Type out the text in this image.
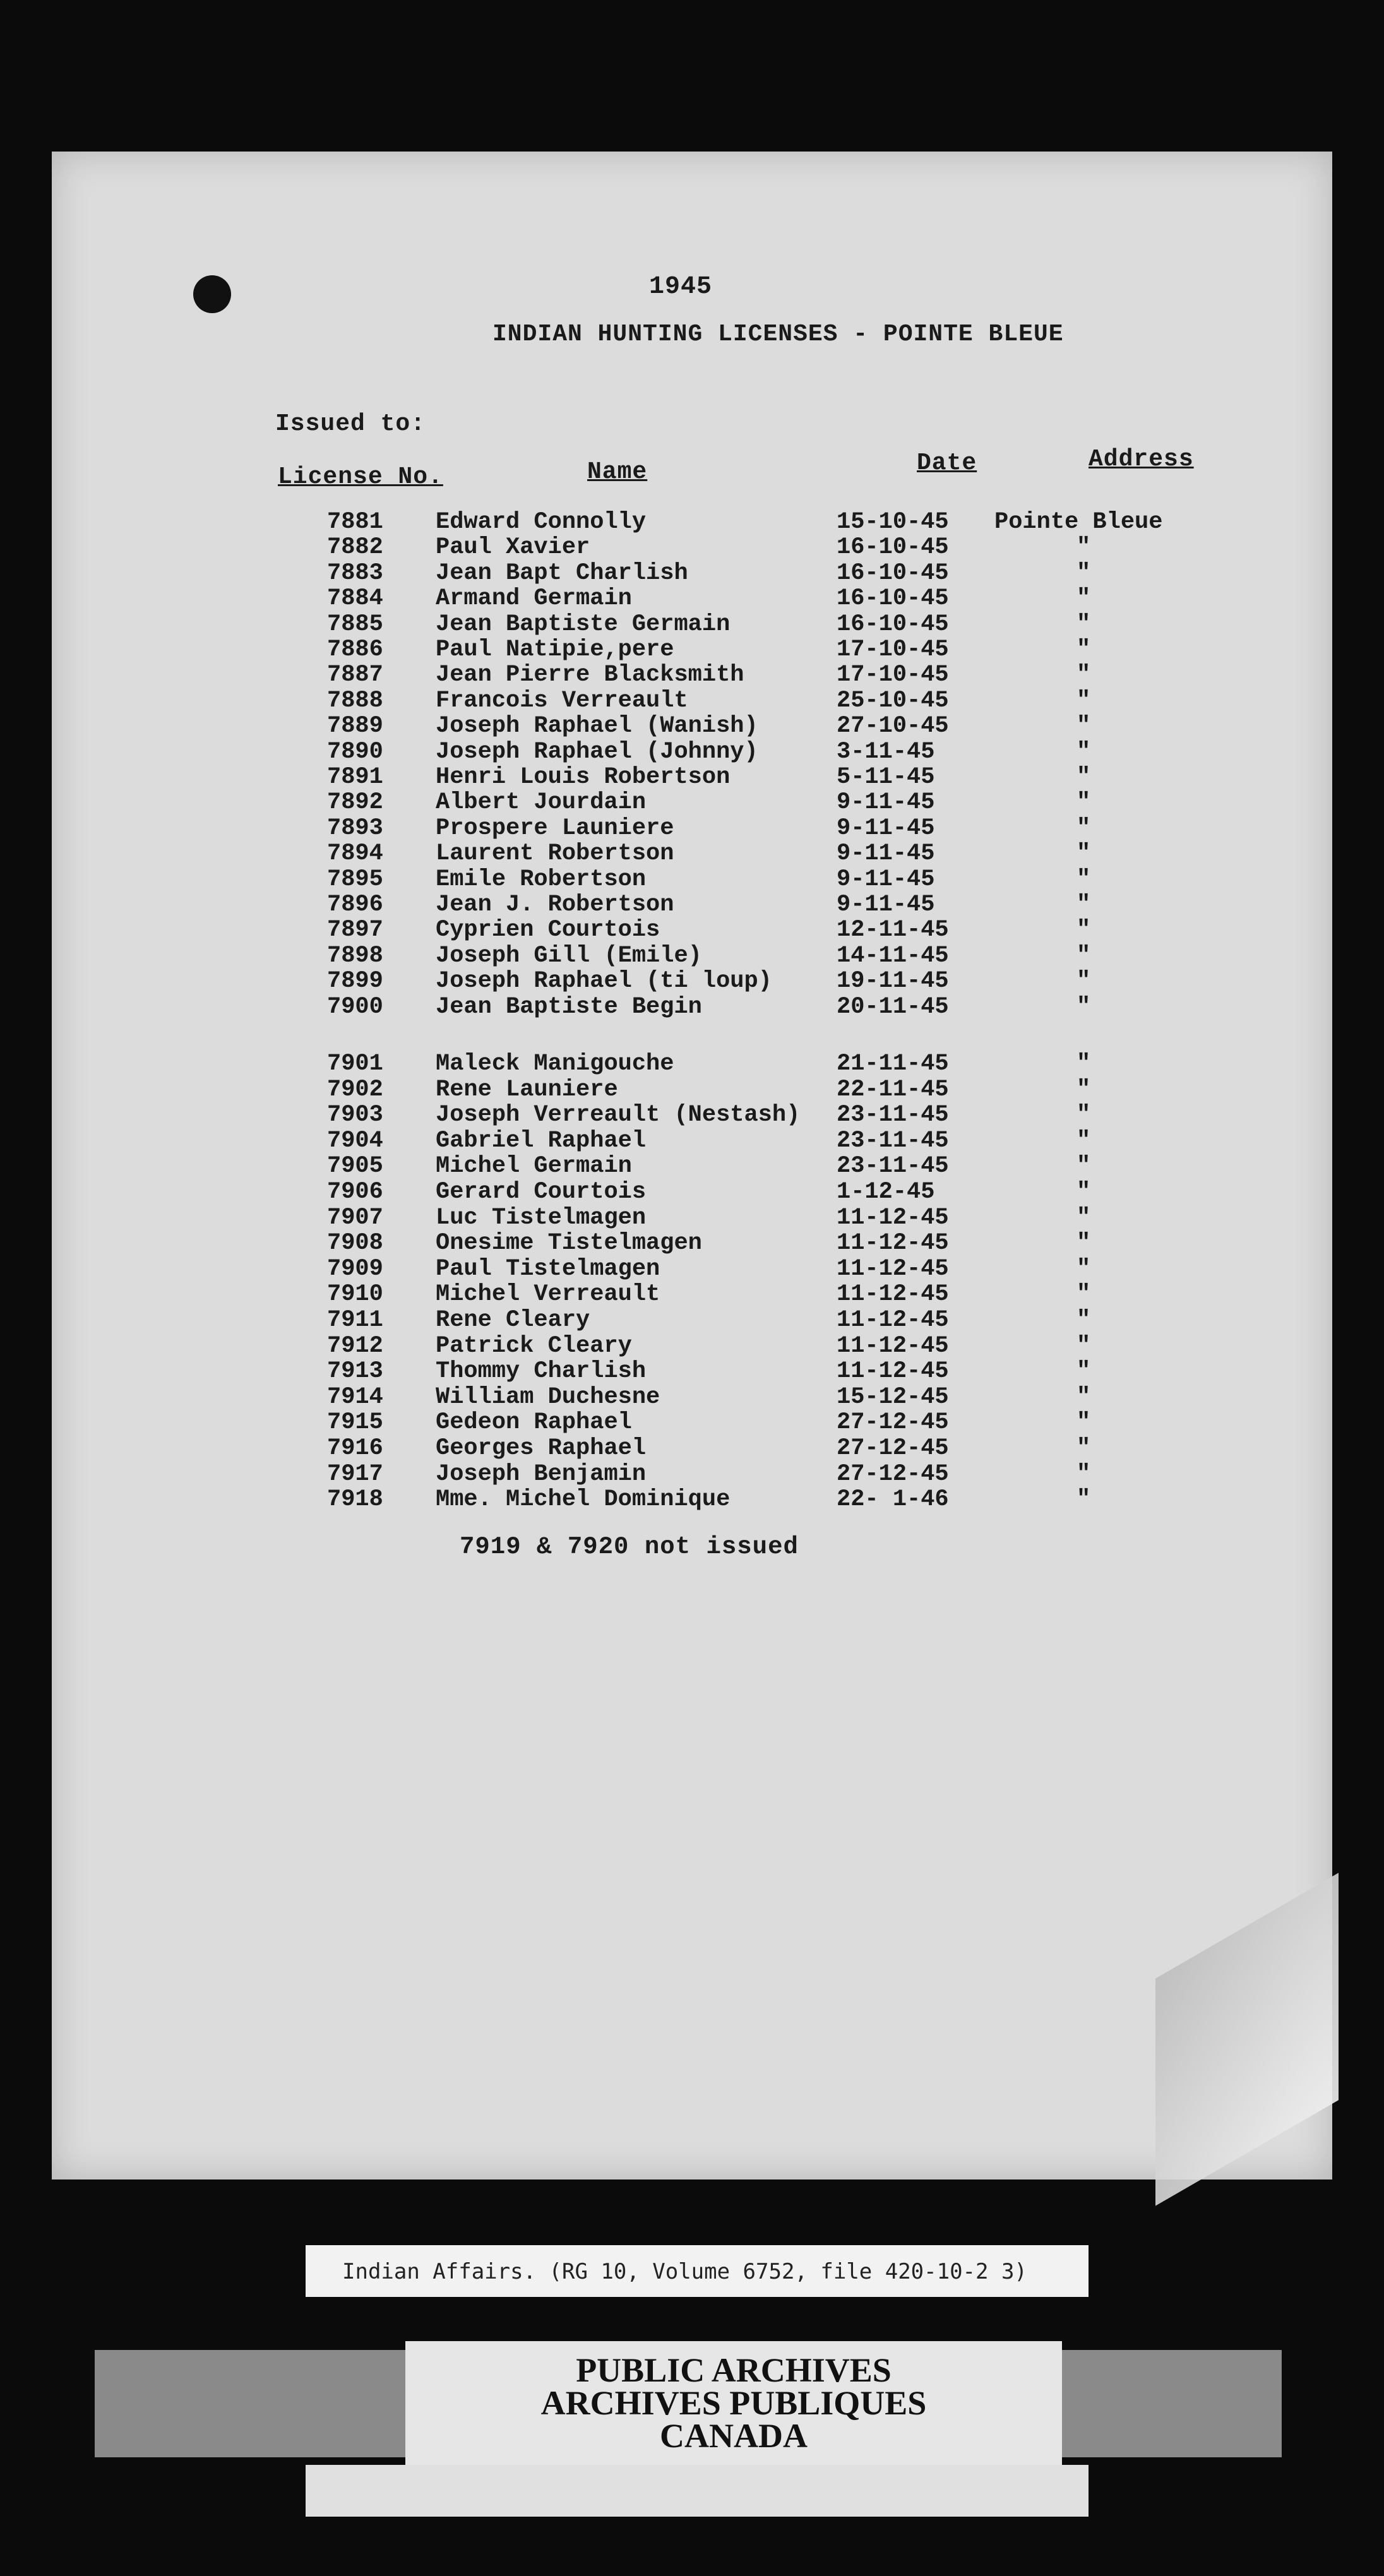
1945
INDIAN HUNTING LICENSES - POINTE BLEUE
Issued to:
License No.	Name	Date	Address
7881 Edward Connolly	15-10-45 Pointe Bleue
7882 Paul Xavier	16-10-45	"
7883 Jean Bapt Charlish	16-10-45	"
7884 Armand Germain	16-10-45	"
7885 Jean Baptiste Germain	16-10-45	"
7886 Paul Natipie,pere	17-10-45	"
7887 Jean Pierre Blacksmith	17-10-45	"
7888 Francois Verreault	25-10-45	"
7889 Joseph Raphael (Wanish)	27-10-45	"
7890 Joseph Raphael (Johnny)	3-11-45	"
7891 Henri Louis Robertson	5-11-45	"
7892 Albert Jourdain	9-11-45	"
7893 Prospere Launiere	9-11-45	"
7894 Laurent Robertson	9-11-45	"
7895 Emile Robertson	9-11-45	"
7896 Jean J. Robertson	9-11-45	"
7897 Cyprien Courtois	12-11-45	"
7898 Joseph Gill (Emile)	14-11-45	"
7899 Joseph Raphael (ti loup)	19-11-45	"
7900 Jean Baptiste Begin	20-11-45	"
7901 Maleck Manigouche	21-11-45	"
7902 Rene Launiere	22-11-45	"
7903 Joseph Verreault (Nestash) 23-11-45	"
7904 Gabriel Raphael	23-11-45	"
7905 Michel Germain	23-11-45	"
7906 Gerard Courtois	1-12-45	"
7907 Luc Tistelmagen	11-12-45	"
7908 Onesime Tistelmagen	11-12-45	"
7909 Paul Tistelmagen	11-12-45	"
7910 Michel Verreault	11-12-45	"
7911 Rene Cleary	11-12-45	"
7912 Patrick Cleary	11-12-45	"
7913 Thommy Charlish	11-12-45	"
7914 William Duchesne	15-12-45	"
7915 Gedeon Raphael	27-12-45	"
7916 Georges Raphael	27-12-45	"
7917 Joseph Benjamin	27-12-45	"
7918 Mme. Michel Dominique	22- 1-46	"
7919 & 7920 not issued
Indian Affairs. (RG 10, Volume 6752, file 420-10-2 3)
PUBLIC ARCHIVES
ARCHIVES PUBLIQUES
CANADA
